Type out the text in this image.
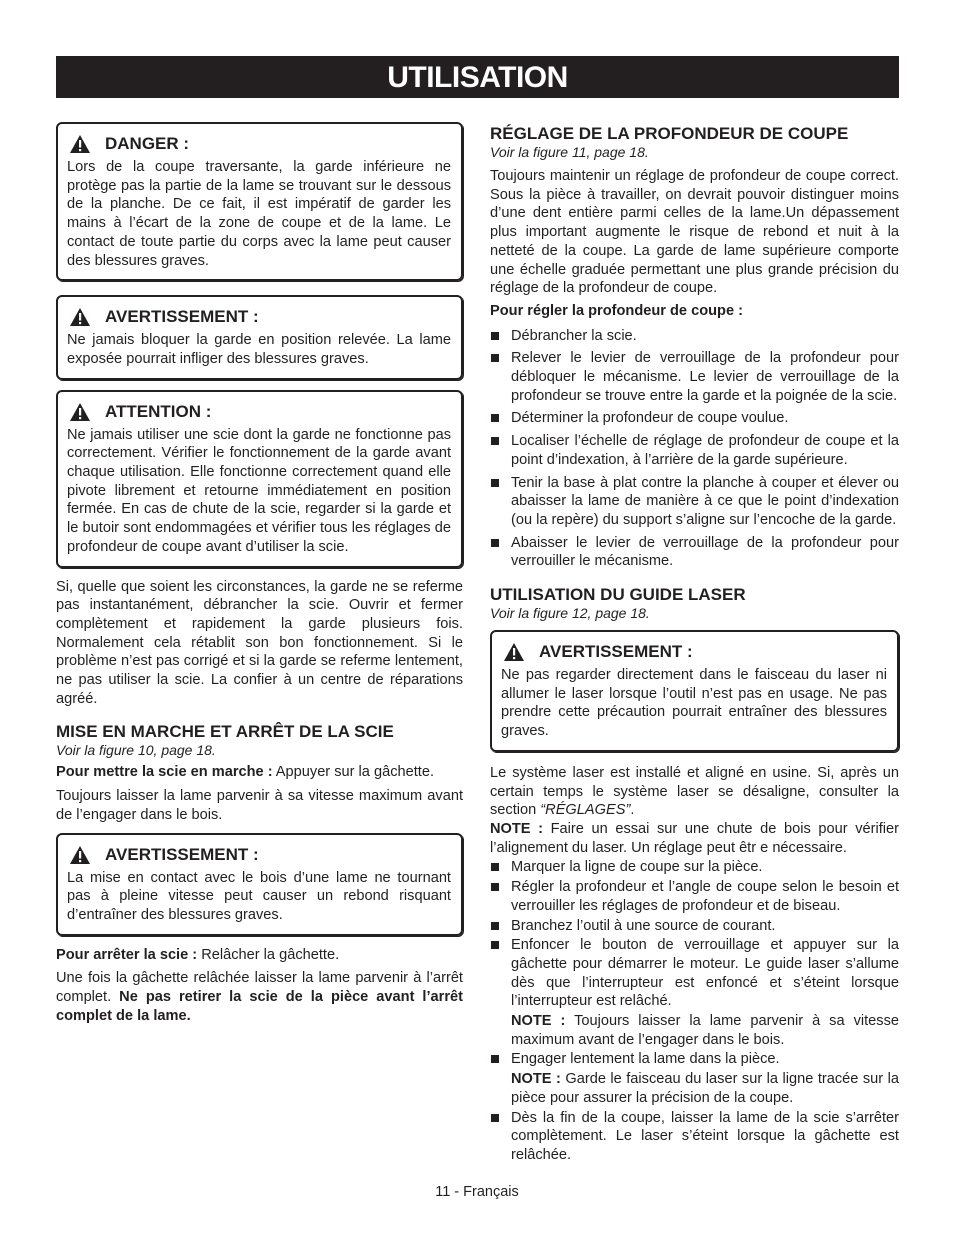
UTILISATION
DANGER :

Lors de la coupe traversante, la garde inférieure ne protège pas la partie de la lame se trouvant sur le dessous de la planche. De ce fait, il est impératif de garder les mains à l’écart de la zone de coupe et de la lame. Le contact de toute partie du corps avec la lame peut causer des blessures graves.

AVERTISSEMENT :

Ne jamais bloquer la garde en position relevée. La lame exposée pourrait infliger des blessures graves.

ATTENTION :

Ne jamais utiliser une scie dont la garde ne fonctionne pas correctement. Vérifier le fonctionnement de la garde avant chaque utilisation. Elle fonctionne correctement quand elle pivote librement et retourne immédiatement en position fermée. En cas de chute de la scie, regarder si la garde et le butoir sont endommagées et vérifier tous les réglages de profondeur de coupe avant d’utiliser la scie.

Si, quelle que soient les circonstances, la garde ne se referme pas instantanément, débrancher la scie. Ouvrir et fermer complètement et rapidement la garde plusieurs fois. Normalement cela rétablit son bon fonctionnement. Si le problème n’est pas corrigé et si la garde se referme lentement, ne pas utiliser la scie. La confier à un centre de réparations agréé.

MISE EN MARCHE ET ARRÊT DE LA SCIE
Voir la figure 10, page 18.

Pour mettre la scie en marche : Appuyer sur la gâchette.

Toujours laisser la lame parvenir à sa vitesse maximum avant de l’engager dans le bois.

AVERTISSEMENT :

La mise en contact avec le bois d’une lame ne tournant pas à pleine vitesse peut causer un rebond risquant d’entraîner des blessures graves.

Pour arrêter la scie : Relâcher la gâchette.

Une fois la gâchette relâchée laisser la lame parvenir à l’arrêt complet. Ne pas retirer la scie de la pièce avant l’arrêt complet de la lame.

RÉGLAGE DE LA PROFONDEUR DE COUPE
Voir la figure 11, page 18.

Toujours maintenir un réglage de profondeur de coupe correct. Sous la pièce à travailler, on devrait pouvoir distinguer moins d’une dent entière parmi celles de la lame.Un dépassement plus important augmente le risque de rebond et nuit à la netteté de la coupe. La garde de lame supérieure comporte une échelle graduée permettant une plus grande précision du réglage de la profondeur de coupe.

Pour régler la profondeur de coupe :

Débrancher la scie.
Relever le levier de verrouillage de la profondeur pour débloquer le mécanisme. Le levier de verrouillage de la profondeur se trouve entre la garde et la poignée de la scie.
Déterminer la profondeur de coupe voulue.
Localiser l’échelle de réglage de profondeur de coupe et la point d’indexation, à l’arrière de la garde supérieure.
Tenir la base à plat contre la planche à couper et élever ou abaisser la lame de manière à ce que le point d’indexation (ou la repère) du support s’aligne sur l’encoche de la garde.
Abaisser le levier de verrouillage de la profondeur pour verrouiller le mécanisme.
UTILISATION DU GUIDE LASER
Voir la figure 12, page 18.
AVERTISSEMENT :

Ne pas regarder directement dans le faisceau du laser ni allumer le laser lorsque l’outil n’est pas en usage. Ne pas prendre cette précaution pourrait entraîner des blessures graves.

Le système laser est installé et aligné en usine. Si, après un certain temps le système laser se désaligne, consulter la section “RÉGLAGES”.

NOTE : Faire un essai sur une chute de bois pour vérifier l’alignement du laser. Un réglage peut êtr e nécessaire.

Marquer la ligne de coupe sur la pièce.
Régler la profondeur et l’angle de coupe selon le besoin et verrouiller les réglages de profondeur et de biseau.
Branchez l’outil à une source de courant.
Enfoncer le bouton de verrouillage et appuyer sur la gâchette pour démarrer le moteur. Le guide laser s’allume dès que l’interrupteur est enfoncé et s’éteint lorsque l’interrupteur est relâché.
NOTE : Toujours laisser la lame parvenir à sa vitesse maximum avant de l’engager dans le bois.
Engager lentement la lame dans la pièce.
NOTE : Garde le faisceau du laser sur la ligne tracée sur la pièce pour assurer la précision de la coupe.
Dès la fin de la coupe, laisser la lame de la scie s’arrêter complètement. Le laser s’éteint lorsque la gâchette est relâchée.
11 - Français
